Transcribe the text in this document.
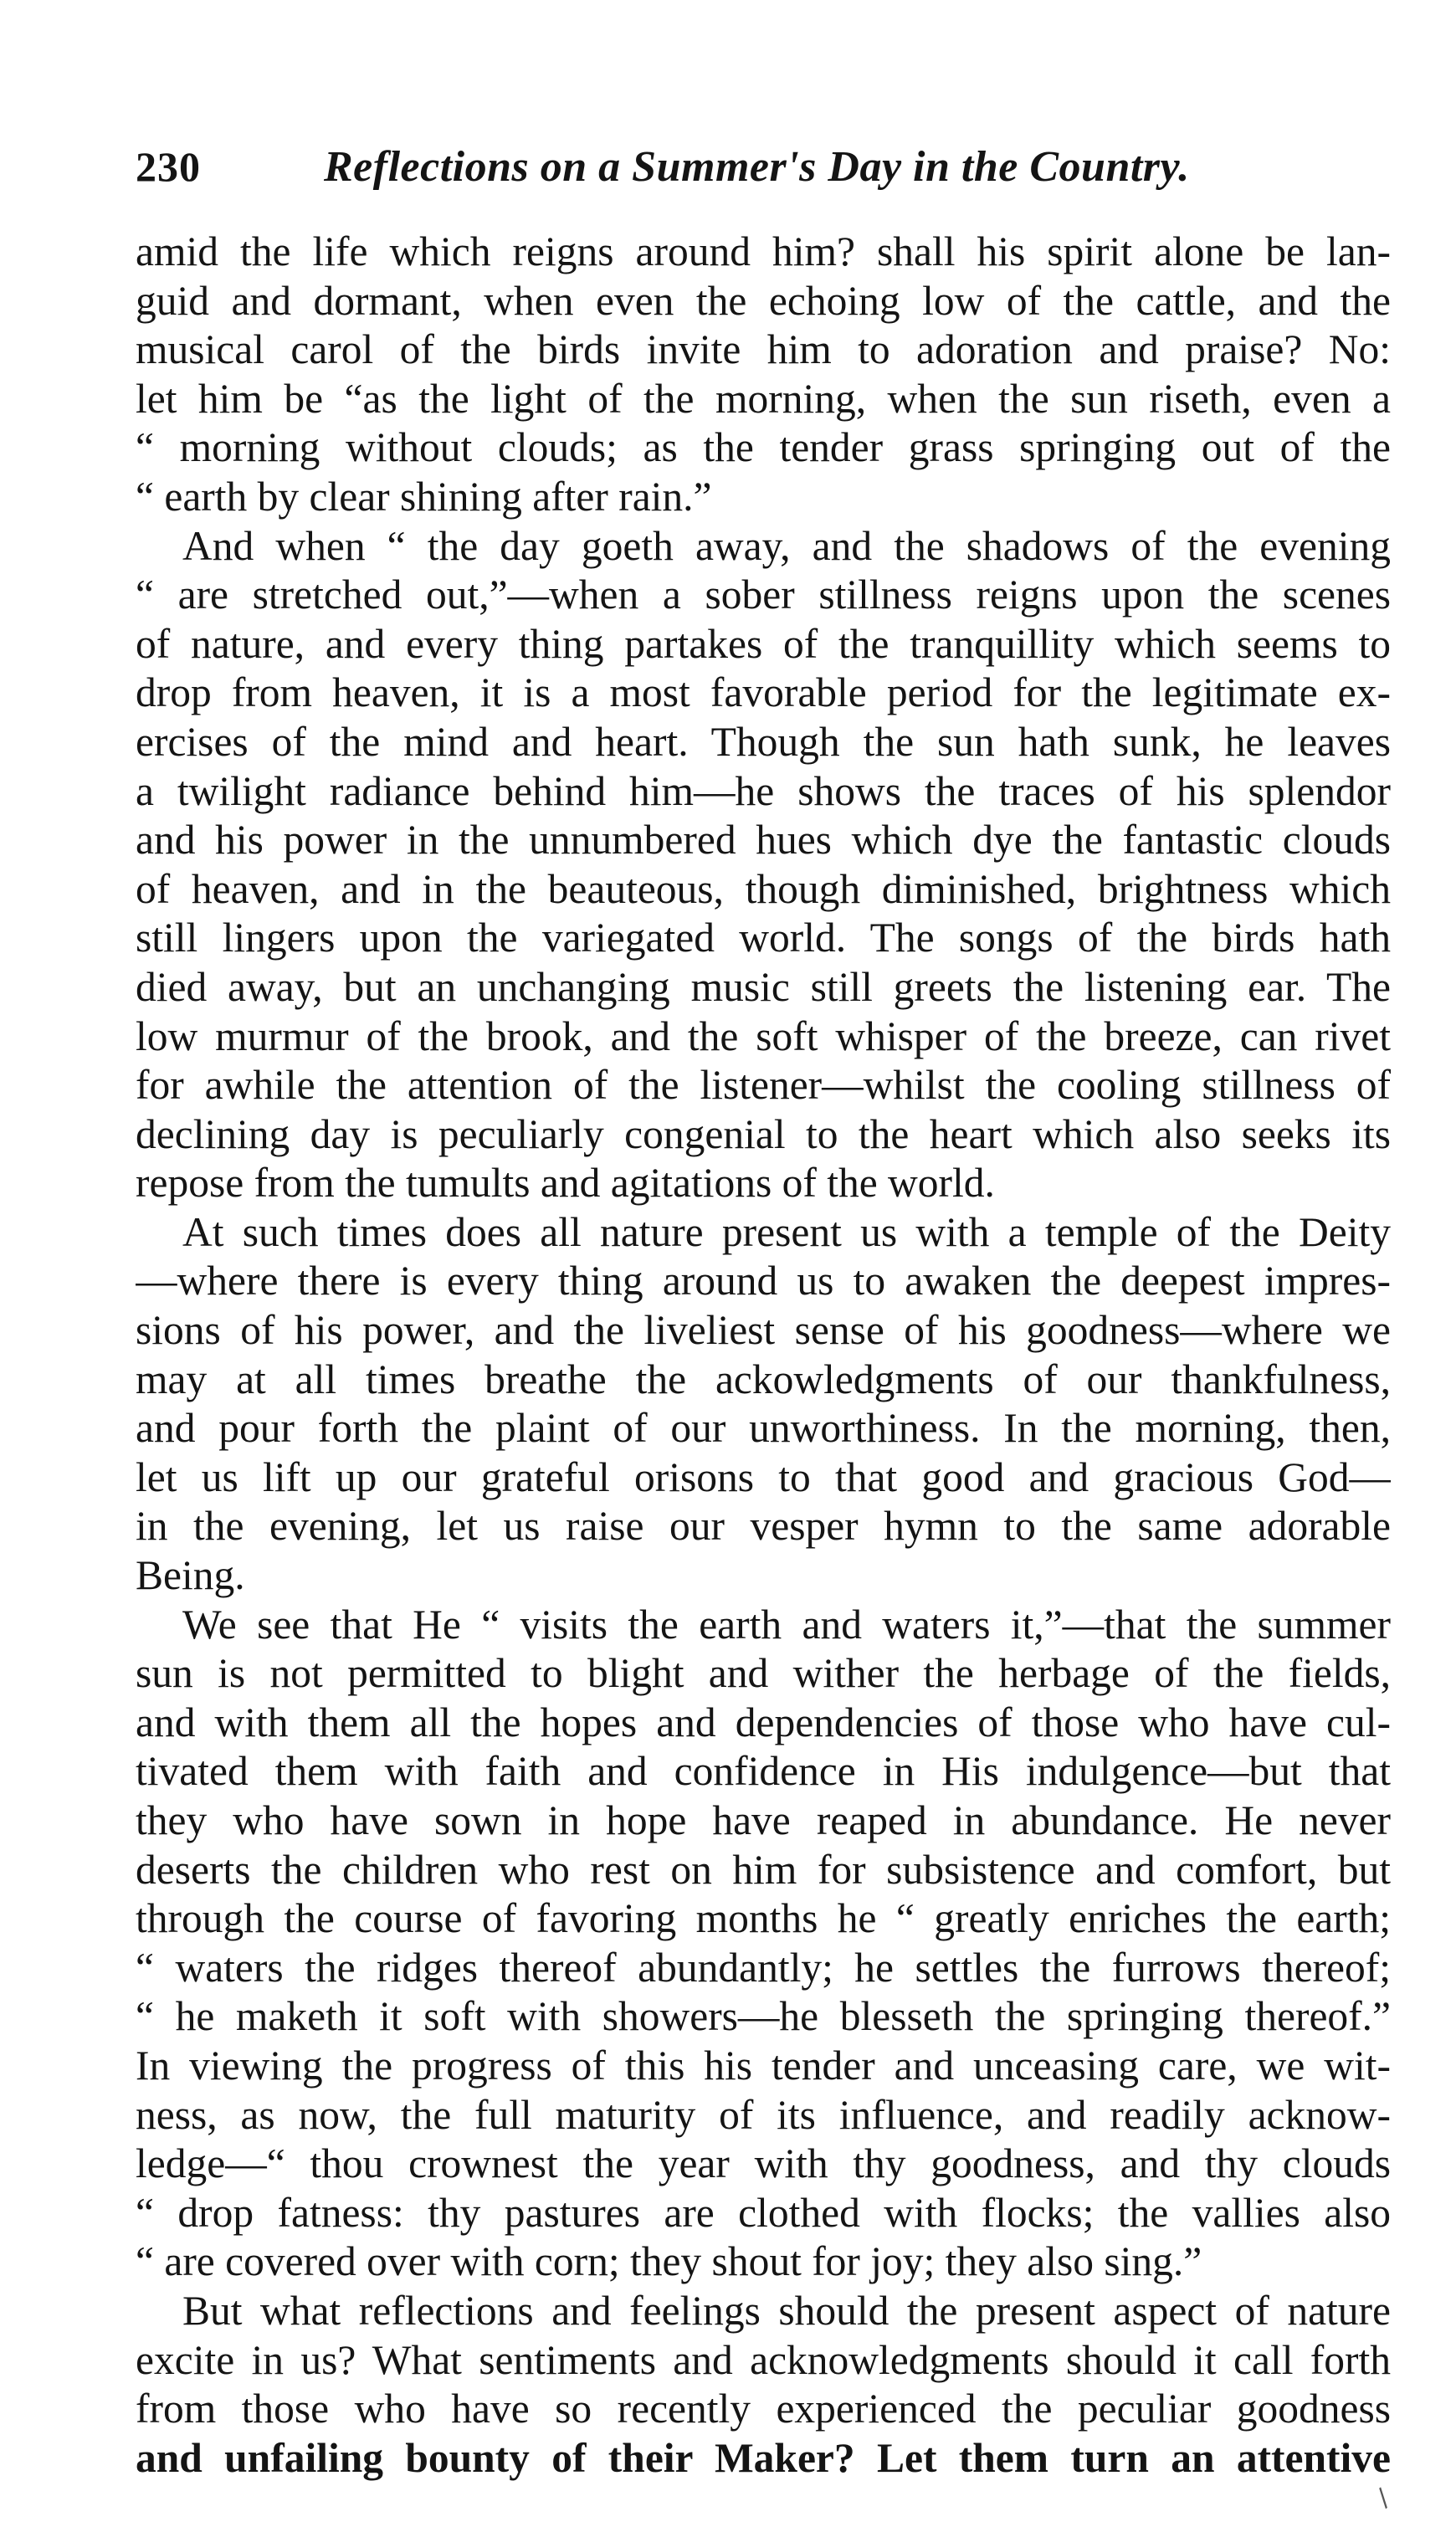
230	Reflections on a Summer's Day in the Country.
amid the life which reigns around him? shall his spirit alone be lan-
guid and dormant, when even the echoing low of the cattle, and the
musical carol of the birds invite him to adoration and praise? No:
let him be “as the light of the morning, when the sun riseth, even a
“ morning without clouds; as the tender grass springing out of the
“ earth by clear shining after rain.”
And when “ the day goeth away, and the shadows of the evening
“ are stretched out,”—when a sober stillness reigns upon the scenes
of nature, and every thing partakes of the tranquillity which seems to
drop from heaven, it is a most favorable period for the legitimate ex-
ercises of the mind and heart. Though the sun hath sunk, he leaves
a twilight radiance behind him—he shows the traces of his splendor
and his power in the unnumbered hues which dye the fantastic clouds
of heaven, and in the beauteous, though diminished, brightness which
still lingers upon the variegated world. The songs of the birds hath
died away, but an unchanging music still greets the listening ear. The
low murmur of the brook, and the soft whisper of the breeze, can rivet
for awhile the attention of the listener—whilst the cooling stillness of
declining day is peculiarly congenial to the heart which also seeks its
repose from the tumults and agitations of the world.
At such times does all nature present us with a temple of the Deity
—where there is every thing around us to awaken the deepest impres-
sions of his power, and the liveliest sense of his goodness—where we
may at all times breathe the ackowledgments of our thankfulness,
and pour forth the plaint of our unworthiness. In the morning, then,
let us lift up our grateful orisons to that good and gracious God—
in the evening, let us raise our vesper hymn to the same adorable
Being.
We see that He “ visits the earth and waters it,”—that the summer
sun is not permitted to blight and wither the herbage of the fields,
and with them all the hopes and dependencies of those who have cul-
tivated them with faith and confidence in His indulgence—but that
they who have sown in hope have reaped in abundance. He never
deserts the children who rest on him for subsistence and comfort, but
through the course of favoring months he “ greatly enriches the earth;
“ waters the ridges thereof abundantly; he settles the furrows thereof;
“ he maketh it soft with showers—he blesseth the springing thereof.”
In viewing the progress of this his tender and unceasing care, we wit-
ness, as now, the full maturity of its influence, and readily acknow-
ledge—“ thou crownest the year with thy goodness, and thy clouds
“ drop fatness: thy pastures are clothed with flocks; the vallies also
“ are covered over with corn; they shout for joy; they also sing.”
But what reflections and feelings should the present aspect of nature
excite in us? What sentiments and acknowledgments should it call forth
from those who have so recently experienced the peculiar goodness
and unfailing bounty of their Maker? Let them turn an attentive
/
